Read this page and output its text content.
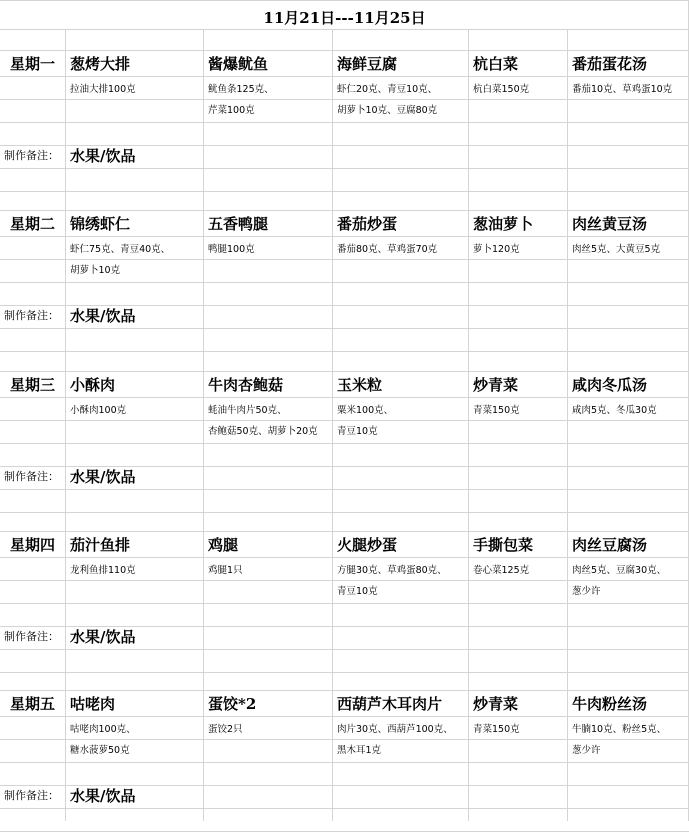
11月21日---11月25日
星期一 葱烤大排
拉油大排100克
酱爆鱿鱼
鱿鱼条125克、
芹菜100克
海鲜豆腐
虾仁20克、青豆10克、
胡萝卜10克、豆腐80克
杭白菜
杭白菜150克
番茄蛋花汤
番茄10克、草鸡蛋10克
制作备注： 水果/饮品
星期二 锦绣虾仁
虾仁75克、青豆40克、
胡萝卜10克
五香鸭腿
鸭腿100克
番茄炒蛋
番茄80克、草鸡蛋70克
葱油萝卜
萝卜120克
肉丝黄豆汤
肉丝5克、大黄豆5克
制作备注： 水果/饮品
星期三 小酥肉
小酥肉100克
牛肉杏鲍菇
蚝油牛肉片50克、
杏鲍菇50克、胡萝卜20克
玉米粒
粟米100克、
青豆10克
炒青菜
青菜150克
咸肉冬瓜汤
咸肉5克、冬瓜30克
制作备注： 水果/饮品
星期四 茄汁鱼排
龙利鱼排110克
鸡腿
鸡腿1只
火腿炒蛋
方腿30克、草鸡蛋80克、
青豆10克
手撕包菜
卷心菜125克
肉丝豆腐汤
肉丝5克、豆腐30克、
葱少许
制作备注： 水果/饮品
星期五 咕咾肉
咕咾肉100克、
糖水菠萝50克
蛋饺*2
蛋饺2只
西葫芦木耳肉片
肉片30克、西葫芦100克、
黑木耳1克
炒青菜
青菜150克
牛肉粉丝汤
牛腩10克、粉丝5克、
葱少许
制作备注： 水果/饮品
